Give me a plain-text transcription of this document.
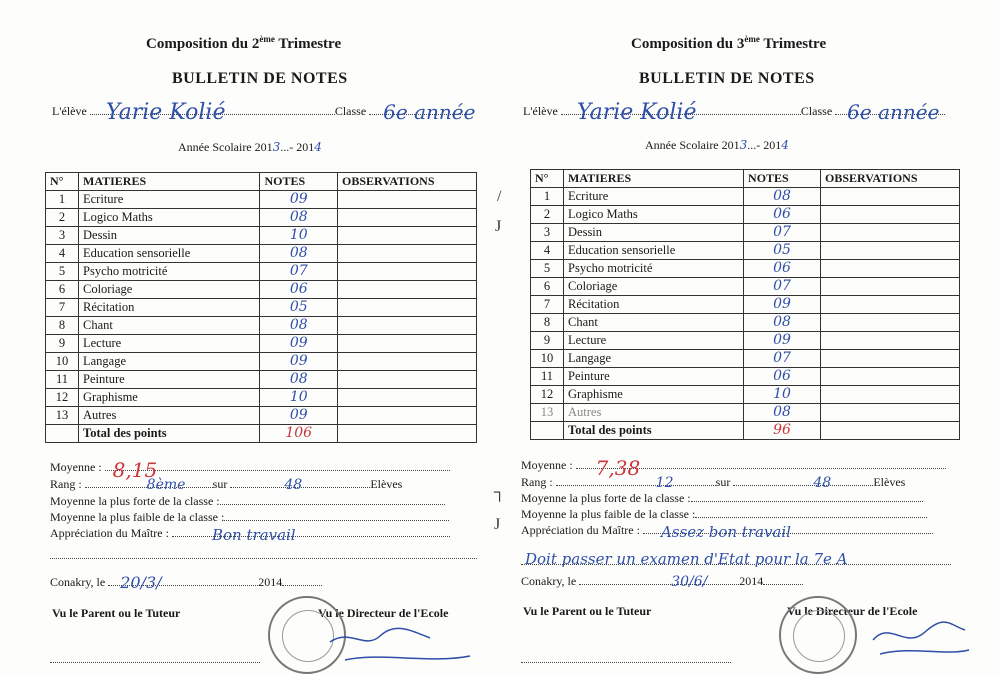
Composition du 2ème Trimestre
BULLETIN DE NOTES
L'élève Yarie Kolié	Classe 6e année
Année Scolaire 2013...- 2014
N°	MATIERES	NOTES	OBSERVATIONS
1	Ecriture	09	
2	Logico Maths	08	
3	Dessin	10	
4	Education sensorielle	08	
5	Psycho motricité	07	
6	Coloriage	06	
7	Récitation	05	
8	Chant	08	
9	Lecture	09	
10	Langage	09	
11	Peinture	08	
12	Graphisme	10	
13	Autres	09	
	Total des points	106	
Moyenne : 8,15
Rang :	8ème sur	48	Elèves
Moyenne la plus forte de la classe :
Moyenne la plus faible de la classe :
Appréciation du Maître :	Bon travail
Conakry, le 20/3/	2014
Vu le Parent ou le Tuteur	Vu le Directeur de l'Ecole
/
J
┐
J
Composition du 3ème Trimestre
BULLETIN DE NOTES
L'élève Yarie Kolié	Classe 6e année
Année Scolaire 2013...- 2014
N°	MATIERES	NOTES	OBSERVATIONS
1	Ecriture	08	
2	Logico Maths	06	
3	Dessin	07	
4	Education sensorielle	05	
5	Psycho motricité	06	
6	Coloriage	07	
7	Récitation	09	
8	Chant	08	
9	Lecture	09	
10	Langage	07	
11	Peinture	06	
12	Graphisme	10	
13	Autres	08	
	Total des points	96	
Moyenne : 7,38
Rang :	12	sur	48	Elèves
Moyenne la plus forte de la classe :
Moyenne la plus faible de la classe :
Appréciation du Maître : Assez bon travail
Doit passer un examen d'Etat pour la 7e A
Conakry, le	30/6/	2014
Vu le Parent ou le Tuteur	Vu le Directeur de l'Ecole
